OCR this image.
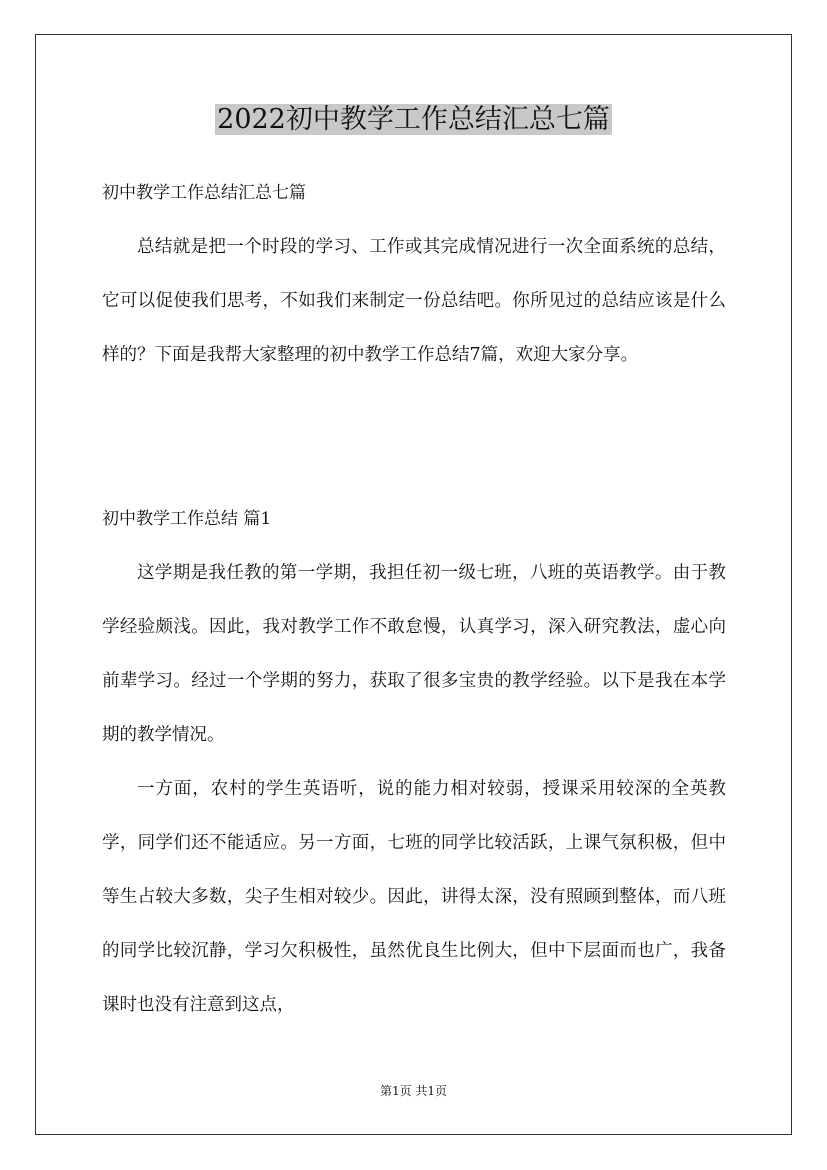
2022初中教学工作总结汇总七篇
初中教学工作总结汇总七篇
总结就是把一个时段的学习、工作或其完成情况进行一次全面系统的总结，它可以促使我们思考，不如我们来制定一份总结吧。你所见过的总结应该是什么样的？下面是我帮大家整理的初中教学工作总结7篇，欢迎大家分享。
初中教学工作总结 篇1
这学期是我任教的第一学期，我担任初一级七班，八班的英语教学。由于教学经验颇浅。因此，我对教学工作不敢怠慢，认真学习，深入研究教法，虚心向前辈学习。经过一个学期的努力，获取了很多宝贵的教学经验。以下是我在本学期的教学情况。
一方面，农村的学生英语听，说的能力相对较弱，授课采用较深的全英教学，同学们还不能适应。另一方面，七班的同学比较活跃，上课气氛积极，但中等生占较大多数，尖子生相对较少。因此，讲得太深，没有照顾到整体，而八班的同学比较沉静，学习欠积极性，虽然优良生比例大，但中下层面而也广，我备课时也没有注意到这点，
第1页 共1页
